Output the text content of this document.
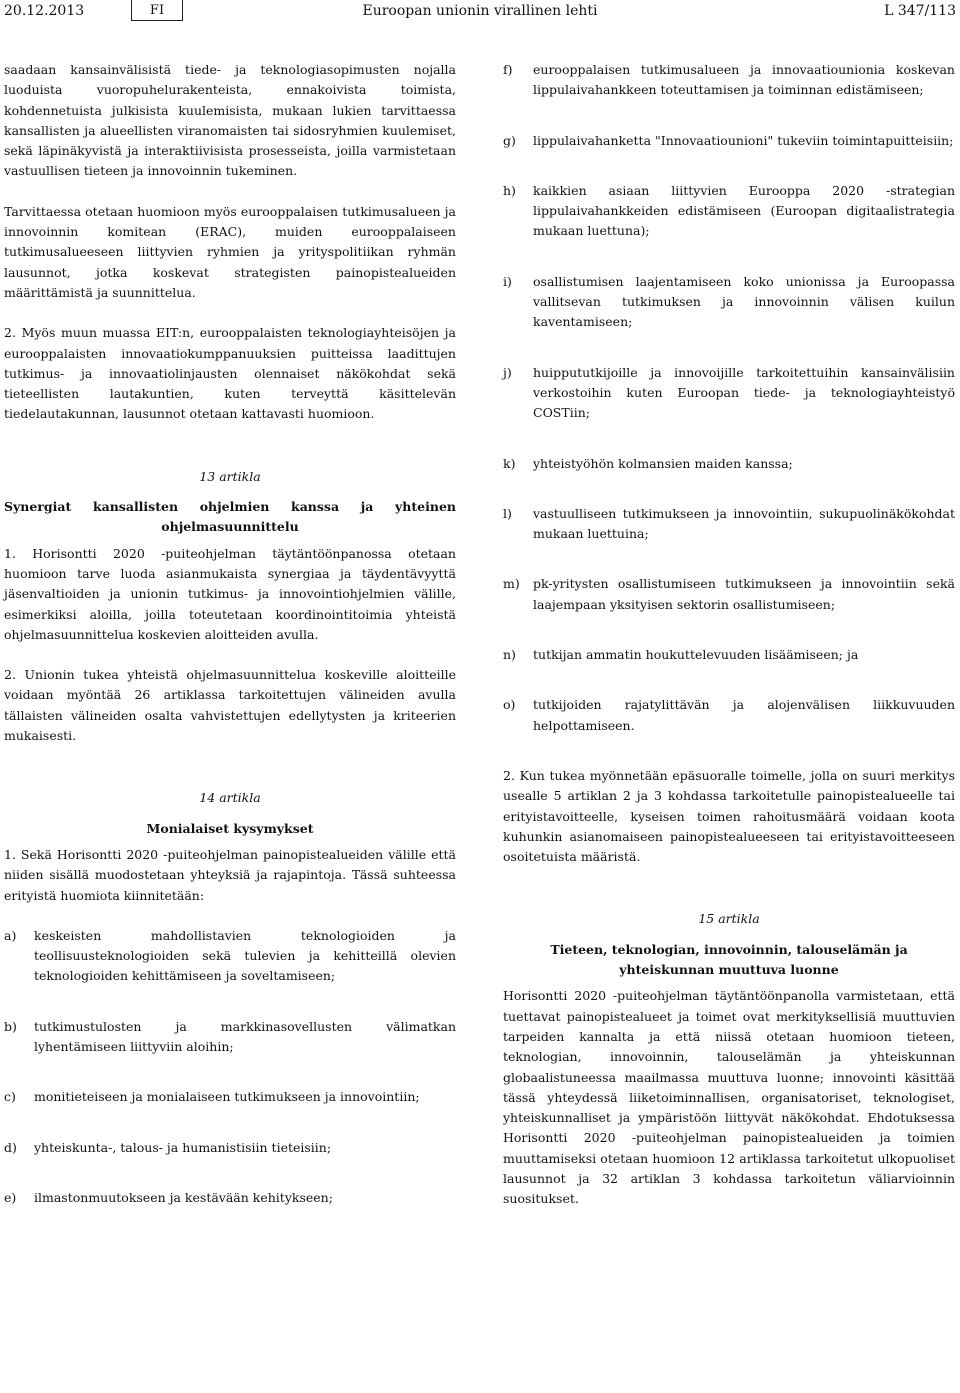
20.12.2013	FI	Euroopan unionin virallinen lehti	L 347/113

saadaan kansainvälisistä tiede- ja teknologiasopimusten nojalla luoduista vuoropuhelurakenteista, ennakoivista toimista, kohdennetuista julkisista kuulemisista, mukaan lukien tarvittaessa kansallisten ja alueellisten viranomaisten tai sidosryhmien kuulemiset, sekä läpinäkyvistä ja interaktiivisista prosesseista, joilla varmistetaan vastuullisen tieteen ja innovoinnin tukeminen.

Tarvittaessa otetaan huomioon myös eurooppalaisen tutkimusalueen ja innovoinnin komitean (ERAC), muiden eurooppalaiseen tutkimusalueeseen liittyvien ryhmien ja yrityspolitiikan ryhmän lausunnot, jotka koskevat strategisten painopistealueiden määrittämistä ja suunnittelua.

2. Myös muun muassa EIT:n, eurooppalaisten teknologiayhteisöjen ja eurooppalaisten innovaatiokumppanuuksien puitteissa laadittujen tutkimus- ja innovaatiolinjausten olennaiset näkökohdat sekä tieteellisten lautakuntien, kuten terveyttä käsittelevän tiedelautakunnan, lausunnot otetaan kattavasti huomioon.

13 artikla
Synergiat kansallisten ohjelmien kanssa ja yhteinen ohjelmasuunnittelu

1. Horisontti 2020 -puiteohjelman täytäntöönpanossa otetaan huomioon tarve luoda asianmukaista synergiaa ja täydentävyyttä jäsenvaltioiden ja unionin tutkimus- ja innovointiohjelmien välille, esimerkiksi aloilla, joilla toteutetaan koordinointitoimia yhteistä ohjelmasuunnittelua koskevien aloitteiden avulla.

2. Unionin tukea yhteistä ohjelmasuunnittelua koskeville aloitteille voidaan myöntää 26 artiklassa tarkoitettujen välineiden avulla tällaisten välineiden osalta vahvistettujen edellytysten ja kriteerien mukaisesti.

14 artikla
Monialaiset kysymykset

1. Sekä Horisontti 2020 -puiteohjelman painopistealueiden välille että niiden sisällä muodostetaan yhteyksiä ja rajapintoja. Tässä suhteessa erityistä huomiota kiinnitetään:

a)	keskeisten mahdollistavien teknologioiden ja teollisuusteknologioiden sekä tulevien ja kehitteillä olevien teknologioiden kehittämiseen ja soveltamiseen;
b)	tutkimustulosten ja markkinasovellusten välimatkan lyhentämiseen liittyviin aloihin;
c)	monitieteiseen ja monialaiseen tutkimukseen ja innovointiin;
d)	yhteiskunta-, talous- ja humanistisiin tieteisiin;
e)	ilmastonmuutokseen ja kestävään kehitykseen;
f)	eurooppalaisen tutkimusalueen ja innovaatiounionia koskevan lippulaivahankkeen toteuttamisen ja toiminnan edistämiseen;
g)	lippulaivahanketta "Innovaatiounioni" tukeviin toimintapuitteisiin;
h)	kaikkien asiaan liittyvien Eurooppa 2020 -strategian lippulaivahankkeiden edistämiseen (Euroopan digitaalistrategia mukaan luettuna);
i)	osallistumisen laajentamiseen koko unionissa ja Euroopassa vallitsevan tutkimuksen ja innovoinnin välisen kuilun kaventamiseen;
j)	huippututkijoille ja innovoijille tarkoitettuihin kansainvälisiin verkostoihin kuten Euroopan tiede- ja teknologiayhteistyö COSTiin;
k)	yhteistyöhön kolmansien maiden kanssa;
l)	vastuulliseen tutkimukseen ja innovointiin, sukupuolinäkökohdat mukaan luettuina;
m)	pk-yritysten osallistumiseen tutkimukseen ja innovointiin sekä laajempaan yksityisen sektorin osallistumiseen;
n)	tutkijan ammatin houkuttelevuuden lisäämiseen; ja
o)	tutkijoiden rajatylittävän ja alojenvälisen liikkuvuuden helpottamiseen.

2. Kun tukea myönnetään epäsuoralle toimelle, jolla on suuri merkitys usealle 5 artiklan 2 ja 3 kohdassa tarkoitetulle painopistealueelle tai erityistavoitteelle, kyseisen toimen rahoitusmäärä voidaan koota kuhunkin asianomaiseen painopistealueeseen tai erityistavoitteeseen osoitetuista määristä.

15 artikla
Tieteen, teknologian, innovoinnin, talouselämän ja yhteiskunnan muuttuva luonne

Horisontti 2020 -puiteohjelman täytäntöönpanolla varmistetaan, että tuettavat painopistealueet ja toimet ovat merkityksellisiä muuttuvien tarpeiden kannalta ja että niissä otetaan huomioon tieteen, teknologian, innovoinnin, talouselämän ja yhteiskunnan globaalistuneessa maailmassa muuttuva luonne; innovointi käsittää tässä yhteydessä liiketoiminnallisen, organisatoriset, teknologiset, yhteiskunnalliset ja ympäristöön liittyvät näkökohdat. Ehdotuksessa Horisontti 2020 -puiteohjelman painopistealueiden ja toimien muuttamiseksi otetaan huomioon 12 artiklassa tarkoitetut ulkopuoliset lausunnot ja 32 artiklan 3 kohdassa tarkoitetun väliarvioinnin suositukset.
